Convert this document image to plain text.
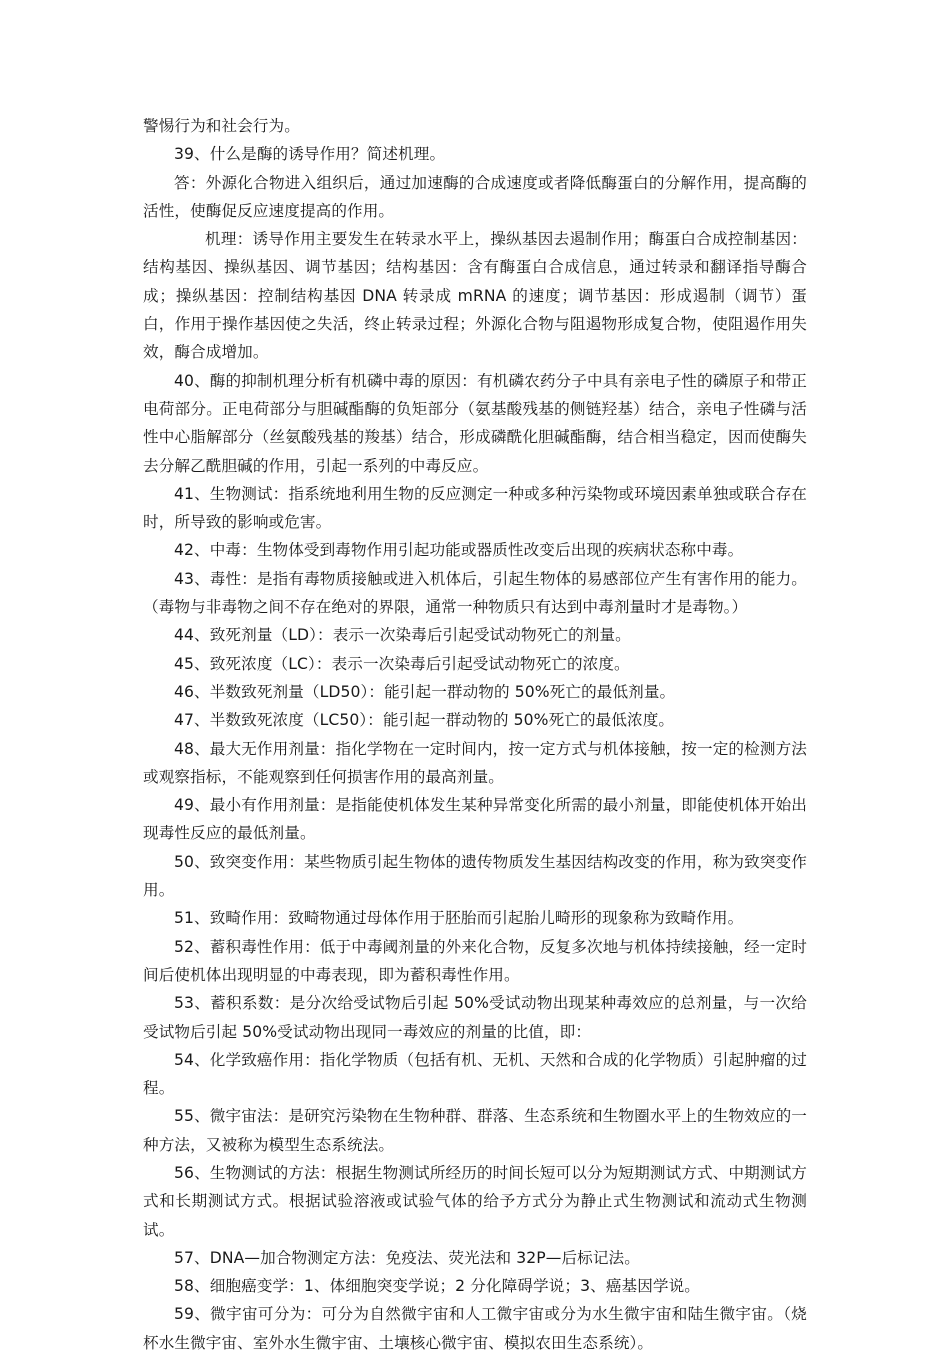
警惕行为和社会行为。

39、什么是酶的诱导作用？简述机理。

答：外源化合物进入组织后，通过加速酶的合成速度或者降低酶蛋白的分解作用，提高酶的活性，使酶促反应速度提高的作用。

机理：诱导作用主要发生在转录水平上，操纵基因去遏制作用；酶蛋白合成控制基因：结构基因、操纵基因、调节基因；结构基因：含有酶蛋白合成信息，通过转录和翻译指导酶合成；操纵基因：控制结构基因 DNA 转录成 mRNA 的速度；调节基因：形成遏制（调节）蛋白，作用于操作基因使之失活，终止转录过程；外源化合物与阻遏物形成复合物，使阻遏作用失效，酶合成增加。

40、酶的抑制机理分析有机磷中毒的原因：有机磷农药分子中具有亲电子性的磷原子和带正电荷部分。正电荷部分与胆碱酯酶的负矩部分（氨基酸残基的侧链羟基）结合，亲电子性磷与活性中心脂解部分（丝氨酸残基的羧基）结合，形成磷酰化胆碱酯酶，结合相当稳定，因而使酶失去分解乙酰胆碱的作用，引起一系列的中毒反应。

41、生物测试：指系统地利用生物的反应测定一种或多种污染物或环境因素单独或联合存在时，所导致的影响或危害。

42、中毒：生物体受到毒物作用引起功能或器质性改变后出现的疾病状态称中毒。

43、毒性：是指有毒物质接触或进入机体后，引起生物体的易感部位产生有害作用的能力。（毒物与非毒物之间不存在绝对的界限，通常一种物质只有达到中毒剂量时才是毒物。）

44、致死剂量（LD）：表示一次染毒后引起受试动物死亡的剂量。

45、致死浓度（LC）：表示一次染毒后引起受试动物死亡的浓度。

46、半数致死剂量（LD50）：能引起一群动物的 50%死亡的最低剂量。

47、半数致死浓度（LC50）：能引起一群动物的 50%死亡的最低浓度。

48、最大无作用剂量：指化学物在一定时间内，按一定方式与机体接触，按一定的检测方法或观察指标，不能观察到任何损害作用的最高剂量。

49、最小有作用剂量：是指能使机体发生某种异常变化所需的最小剂量，即能使机体开始出现毒性反应的最低剂量。

50、致突变作用：某些物质引起生物体的遗传物质发生基因结构改变的作用，称为致突变作用。

51、致畸作用：致畸物通过母体作用于胚胎而引起胎儿畸形的现象称为致畸作用。

52、蓄积毒性作用：低于中毒阈剂量的外来化合物，反复多次地与机体持续接触，经一定时间后使机体出现明显的中毒表现，即为蓄积毒性作用。

53、蓄积系数：是分次给受试物后引起 50%受试动物出现某种毒效应的总剂量，与一次给受试物后引起 50%受试动物出现同一毒效应的剂量的比值，即：

54、化学致癌作用：指化学物质（包括有机、无机、天然和合成的化学物质）引起肿瘤的过程。

55、微宇宙法：是研究污染物在生物种群、群落、生态系统和生物圈水平上的生物效应的一种方法，又被称为模型生态系统法。

56、生物测试的方法：根据生物测试所经历的时间长短可以分为短期测试方式、中期测试方式和长期测试方式。根据试验溶液或试验气体的给予方式分为静止式生物测试和流动式生物测试。

57、DNA—加合物测定方法：免疫法、荧光法和 32P—后标记法。

58、细胞癌变学：1、体细胞突变学说；2 分化障碍学说；3、癌基因学说。

59、微宇宙可分为：可分为自然微宇宙和人工微宇宙或分为水生微宇宙和陆生微宇宙。（烧杯水生微宇宙、室外水生微宇宙、土壤核心微宇宙、模拟农田生态系统）。
